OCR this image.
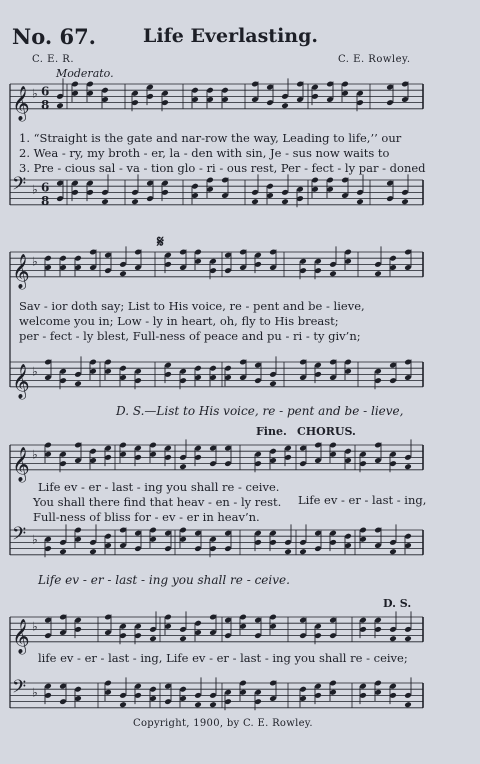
No. 67. Life Everlasting.
C. E. R.	C. E. Rowley.
Moderato.
1. “Straight is the gate and nar-row the way, Leading to life,’’ our
2. Wea - ry, my broth - er, la - den with sin, Je - sus now waits to
3. Pre - cious sal - va - tion glo - ri - ous rest, Per - fect - ly par - doned
𝄋
Sav - ior doth say; List to His voice, re - pent and be - lieve,
welcome you in; Low - ly in heart, oh, fly to His breast;
per - fect - ly blest, Full-ness of peace and pu - ri - ty giv’n;
D. S.—List to His voice, re - pent and be - lieve,
Fine. CHORUS.
Life ev - er - last - ing you shall re - ceive.
You shall there find that heav - en - ly rest.
Full-ness of bliss for - ev - er in heav’n.
Life ev - er - last - ing,
Life ev - er - last - ing you shall re - ceive.
D. S.
life ev - er - last - ing, Life ev - er - last - ing you shall re - ceive;
Copyright, 1900, by C. E. Rowley.
𝄞 ♭ 6
8
𝄢 ♭ 6
8
𝄞 ♭
𝄞 ♭
𝄞 ♭
𝄢 ♭
𝄞 ♭
𝄢 ♭
